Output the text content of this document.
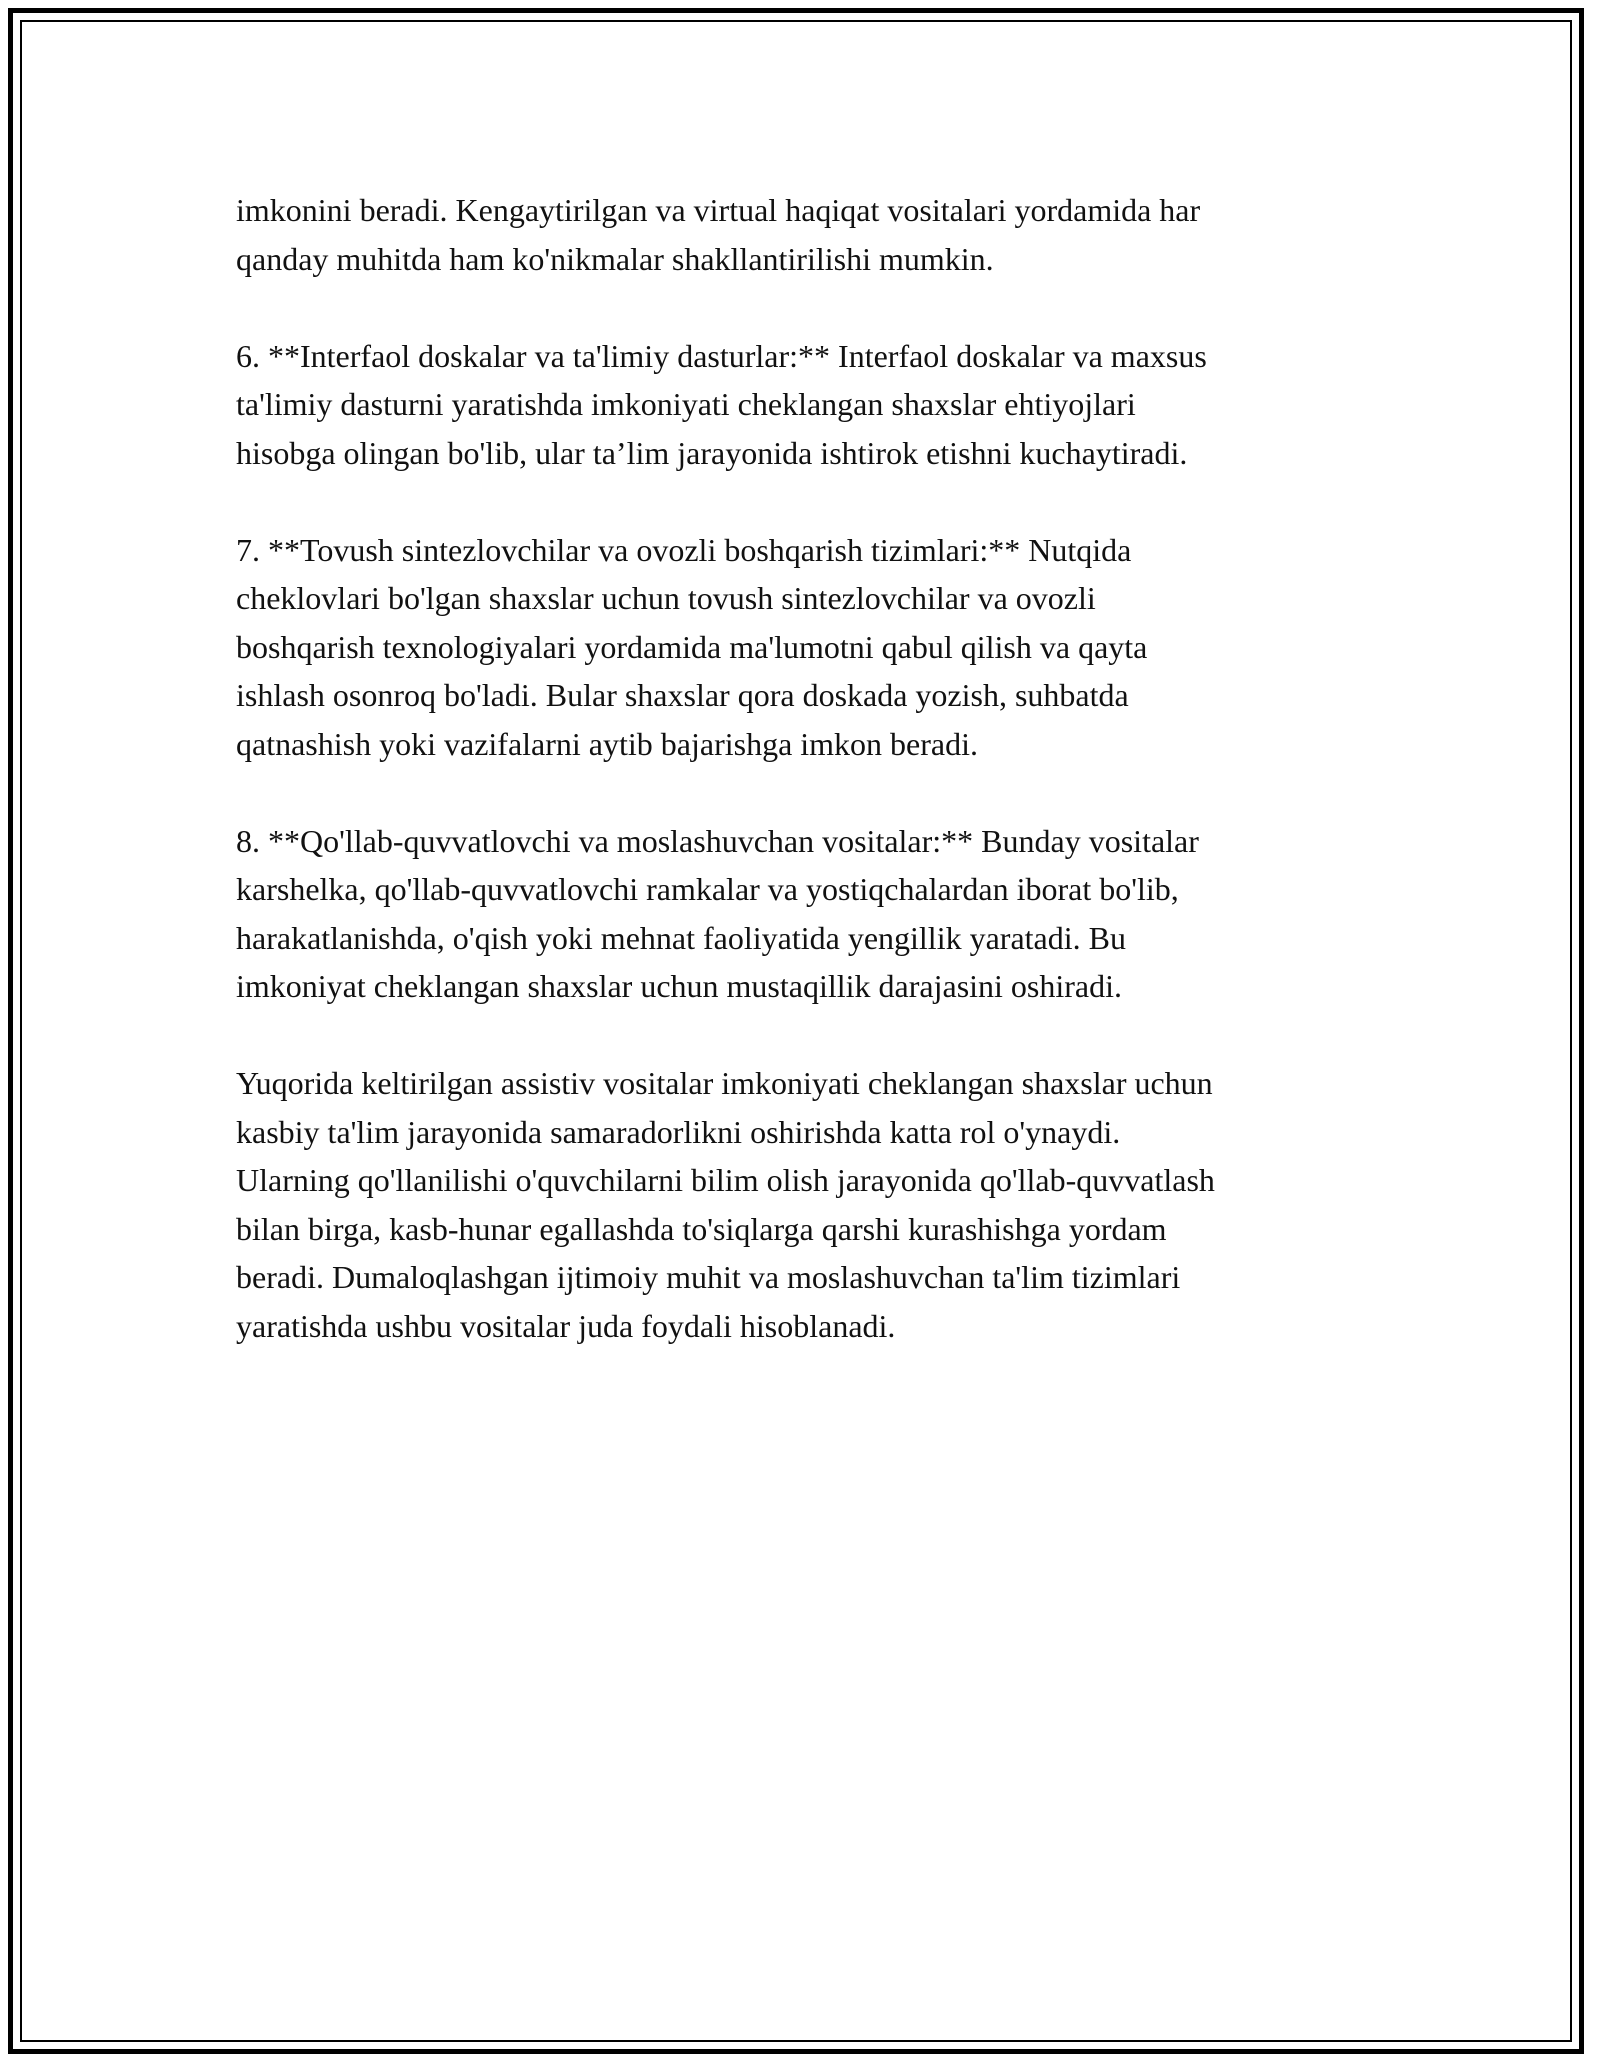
imkonini beradi. Kengaytirilgan va virtual haqiqat vositalari yordamida har
qanday muhitda ham ko'nikmalar shakllantirilishi mumkin.

6. **Interfaol doskalar va ta'limiy dasturlar:** Interfaol doskalar va maxsus
ta'limiy dasturni yaratishda imkoniyati cheklangan shaxslar ehtiyojlari
hisobga olingan bo'lib, ular ta’lim jarayonida ishtirok etishni kuchaytiradi.

7. **Tovush sintezlovchilar va ovozli boshqarish tizimlari:** Nutqida
cheklovlari bo'lgan shaxslar uchun tovush sintezlovchilar va ovozli
boshqarish texnologiyalari yordamida ma'lumotni qabul qilish va qayta
ishlash osonroq bo'ladi. Bular shaxslar qora doskada yozish, suhbatda
qatnashish yoki vazifalarni aytib bajarishga imkon beradi.

8. **Qo'llab-quvvatlovchi va moslashuvchan vositalar:** Bunday vositalar
karshelka, qo'llab-quvvatlovchi ramkalar va yostiqchalardan iborat bo'lib,
harakatlanishda, o'qish yoki mehnat faoliyatida yengillik yaratadi. Bu
imkoniyat cheklangan shaxslar uchun mustaqillik darajasini oshiradi.

Yuqorida keltirilgan assistiv vositalar imkoniyati cheklangan shaxslar uchun
kasbiy ta'lim jarayonida samaradorlikni oshirishda katta rol o'ynaydi.
Ularning qo'llanilishi o'quvchilarni bilim olish jarayonida qo'llab-quvvatlash
bilan birga, kasb-hunar egallashda to'siqlarga qarshi kurashishga yordam
beradi. Dumaloqlashgan ijtimoiy muhit va moslashuvchan ta'lim tizimlari
yaratishda ushbu vositalar juda foydali hisoblanadi.
